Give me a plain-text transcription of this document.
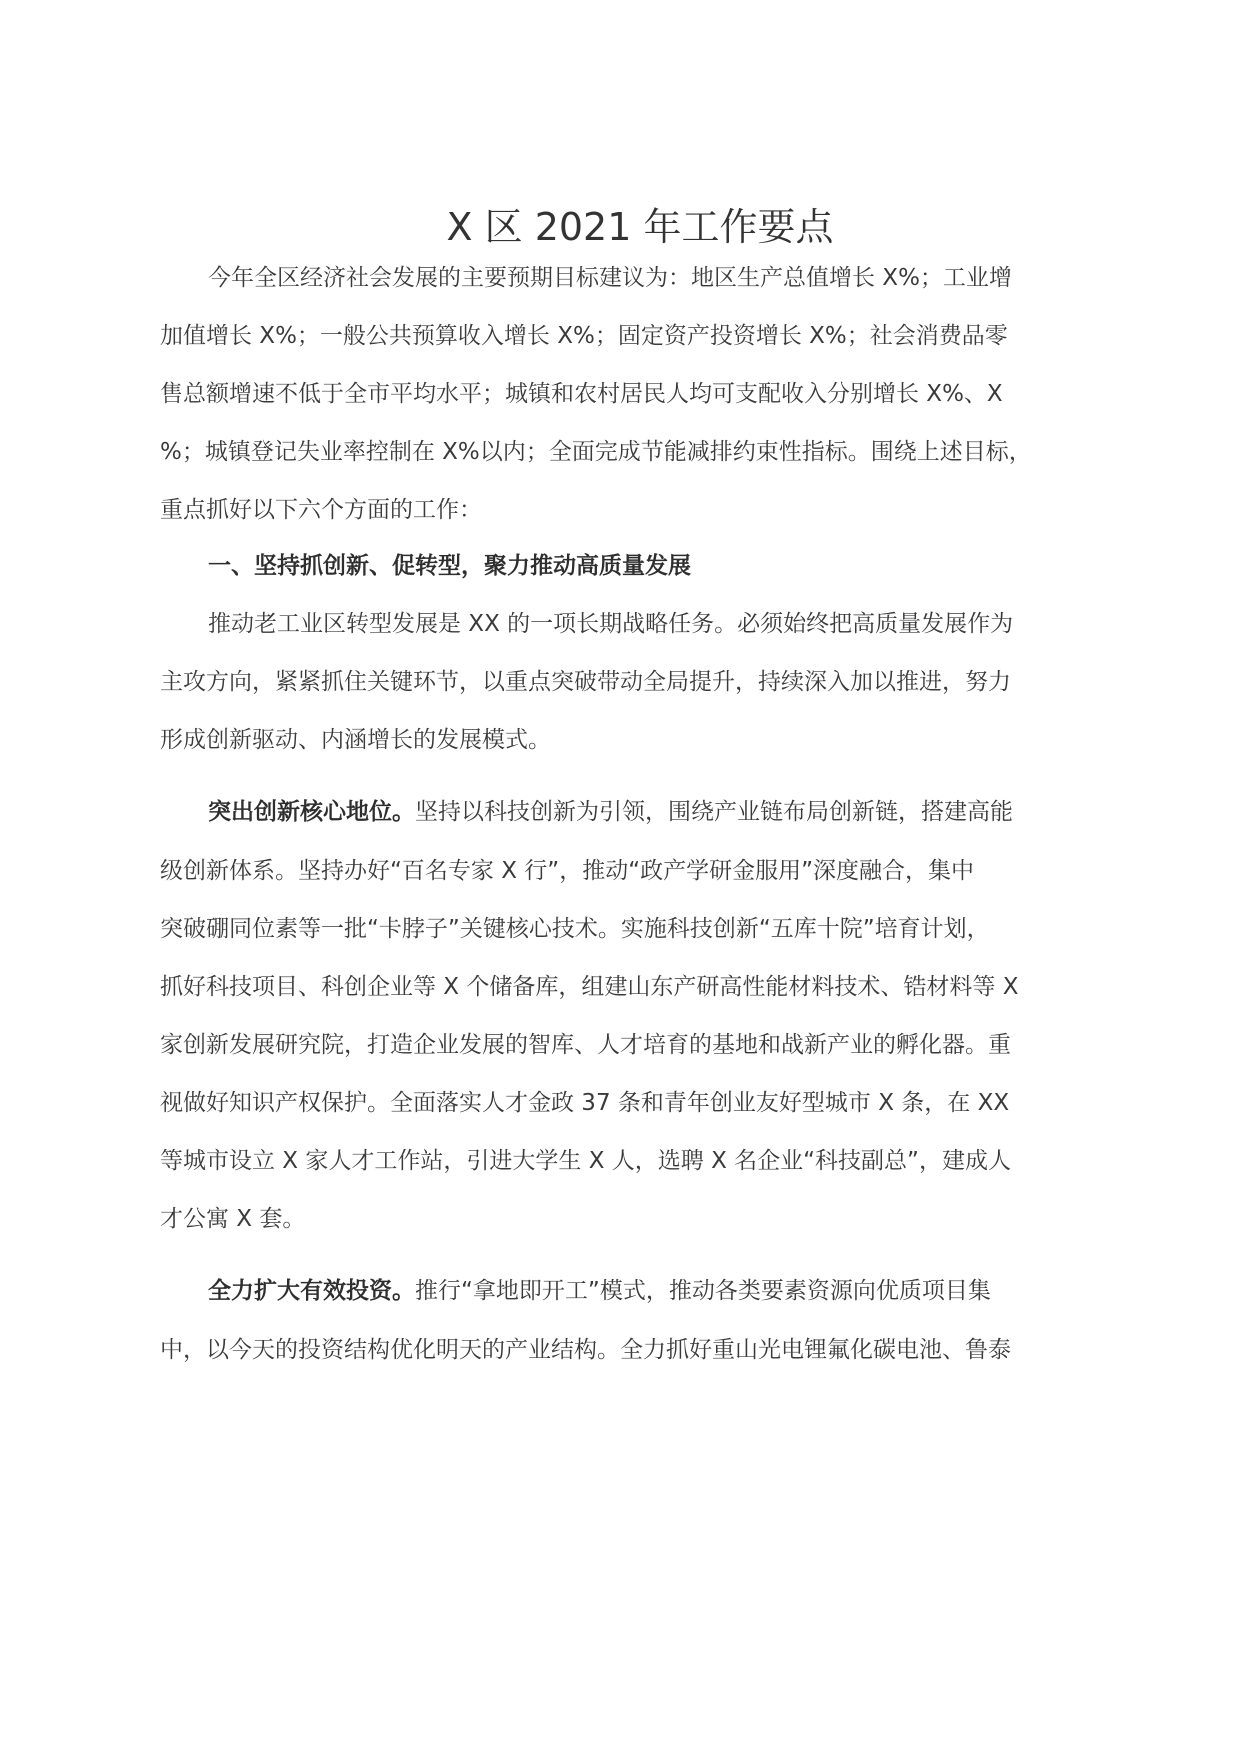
X 区 2021 年工作要点
今年全区经济社会发展的主要预期目标建议为：地区生产总值增长 X%；工业增
加值增长 X%；一般公共预算收入增长 X%；固定资产投资增长 X%；社会消费品零
售总额增速不低于全市平均水平；城镇和农村居民人均可支配收入分别增长 X%、X
%；城镇登记失业率控制在 X%以内；全面完成节能减排约束性指标。围绕上述目标，
重点抓好以下六个方面的工作：
一、坚持抓创新、促转型，聚力推动高质量发展
推动老工业区转型发展是 XX 的一项长期战略任务。必须始终把高质量发展作为
主攻方向，紧紧抓住关键环节，以重点突破带动全局提升，持续深入加以推进，努力
形成创新驱动、内涵增长的发展模式。
突出创新核心地位。坚持以科技创新为引领，围绕产业链布局创新链，搭建高能
级创新体系。坚持办好“百名专家 X 行”，推动“政产学研金服用”深度融合，集中
突破硼同位素等一批“卡脖子”关键核心技术。实施科技创新“五库十院”培育计划，
抓好科技项目、科创企业等 X 个储备库，组建山东产研高性能材料技术、锆材料等 X
家创新发展研究院，打造企业发展的智库、人才培育的基地和战新产业的孵化器。重
视做好知识产权保护。全面落实人才金政 37 条和青年创业友好型城市 X 条，在 XX
等城市设立 X 家人才工作站，引进大学生 X 人，选聘 X 名企业“科技副总”，建成人
才公寓 X 套。
全力扩大有效投资。推行“拿地即开工”模式，推动各类要素资源向优质项目集
中，以今天的投资结构优化明天的产业结构。全力抓好重山光电锂氟化碳电池、鲁泰
